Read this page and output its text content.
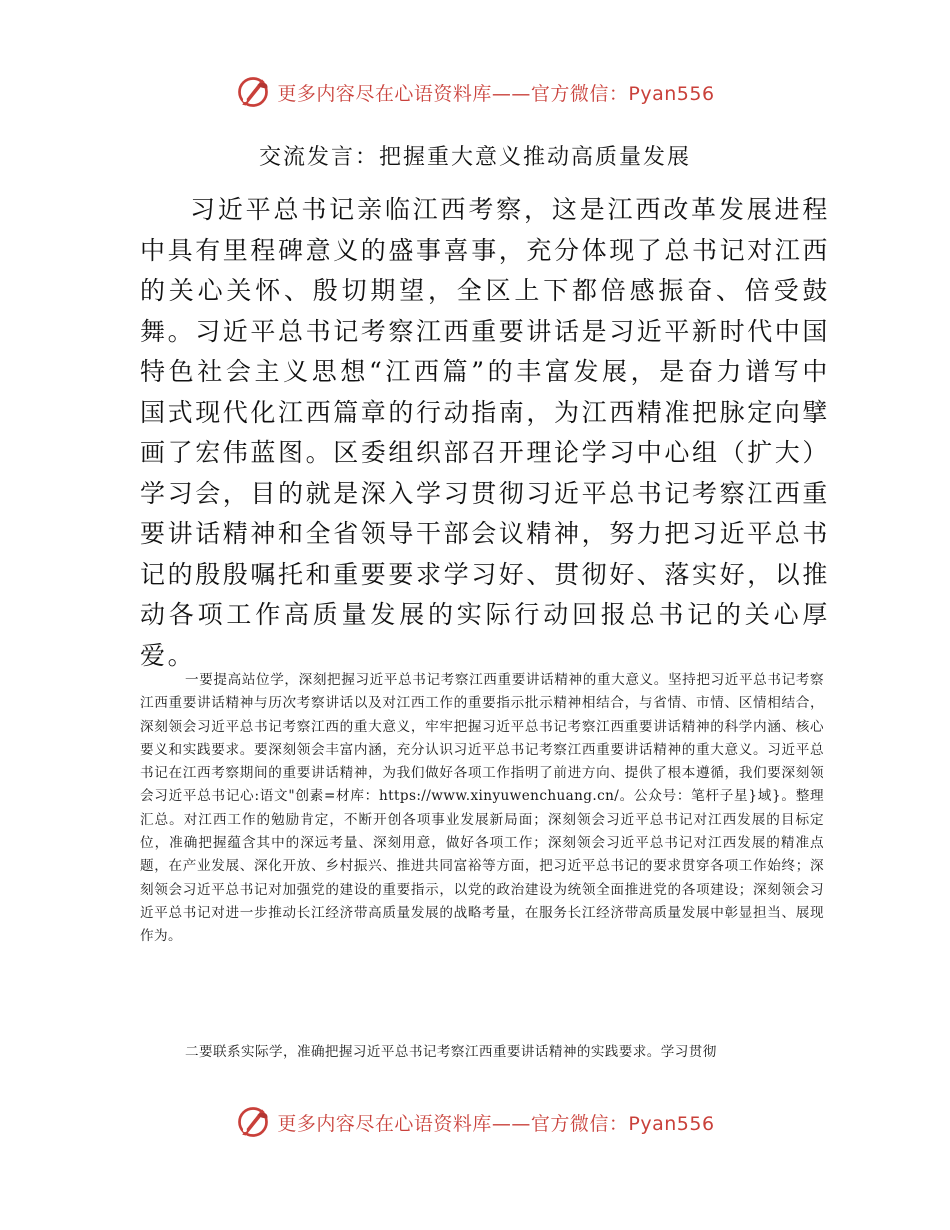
更多内容尽在心语资料库——官方微信：Pyan556
交流发言：把握重大意义推动高质量发展

习近平总书记亲临江西考察，这是江西改革发展进程中具有里程碑意义的盛事喜事，充分体现了总书记对江西的关心关怀、殷切期望，全区上下都倍感振奋、倍受鼓舞。习近平总书记考察江西重要讲话是习近平新时代中国特色社会主义思想“江西篇”的丰富发展，是奋力谱写中国式现代化江西篇章的行动指南，为江西精准把脉定向擘画了宏伟蓝图。区委组织部召开理论学习中心组（扩大）学习会，目的就是深入学习贯彻习近平总书记考察江西重要讲话精神和全省领导干部会议精神，努力把习近平总书记的殷殷嘱托和重要要求学习好、贯彻好、落实好，以推动各项工作高质量发展的实际行动回报总书记的关心厚爱。

一要提高站位学，深刻把握习近平总书记考察江西重要讲话精神的重大意义。坚持把习近平总书记考察江西重要讲话精神与历次考察讲话以及对江西工作的重要指示批示精神相结合，与省情、市情、区情相结合，深刻领会习近平总书记考察江西的重大意义，牢牢把握习近平总书记考察江西重要讲话精神的科学内涵、核心要义和实践要求。要深刻领会丰富内涵，充分认识习近平总书记考察江西重要讲话精神的重大意义。习近平总书记在江西考察期间的重要讲话精神，为我们做好各项工作指明了前进方向、提供了根本遵循，我们要深刻领会习近平总书记心:语文"创素=材库：https://www.xinyuwenchuang.cn/。公众号：笔杆子星}域}。整理汇总。对江西工作的勉励肯定，不断开创各项事业发展新局面；深刻领会习近平总书记对江西发展的目标定位，准确把握蕴含其中的深远考量、深刻用意，做好各项工作；深刻领会习近平总书记对江西发展的精准点题，在产业发展、深化开放、乡村振兴、推进共同富裕等方面，把习近平总书记的要求贯穿各项工作始终；深刻领会习近平总书记对加强党的建设的重要指示，以党的政治建设为统领全面推进党的各项建设；深刻领会习近平总书记对进一步推动长江经济带高质量发展的战略考量，在服务长江经济带高质量发展中彰显担当、展现作为。

二要联系实际学，准确把握习近平总书记考察江西重要讲话精神的实践要求。学习贯彻

更多内容尽在心语资料库——官方微信：Pyan556
